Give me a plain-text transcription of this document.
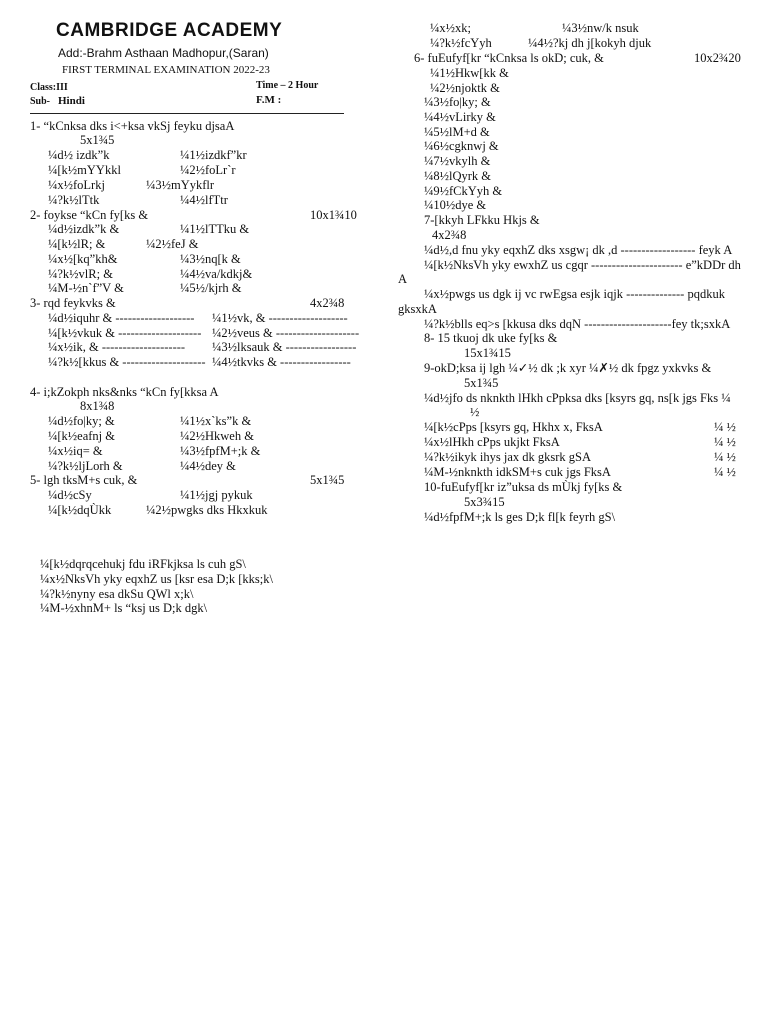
CAMBRIDGE ACADEMY
Add:-Brahm Asthaan Madhopur,(Saran)
FIRST TERMINAL EXAMINATION 2022-23
Class:III
Sub- Hindi
Time – 2 Hour
F.M :
1- “kCnksa dks i<+ksa vkSj feyku djsaA
5x1¾5
¼d½ izdk”k	¼1½izdkf”kr
¼[k½mYYkkl	¼2½foLr`r
¼x½foLrkj	¼3½mYykflr
¼?k½lTtk	¼4½lfTtr
2- foykse “kCn fy[ks &	10x1¾10
¼d½izdk”k &	¼1½lTTku &
¼[k½lR; &	¼2½feJ &
¼x½[kq”kh&	¼3½nq[k &
¼?k½vlR; &	¼4½va/kdkj&
¼M-½n`f”V &	¼5½/kjrh &
3- rqd feykvks &	4x2¾8
¼d½iquhr & ------------------- ¼1½vk, & -------------------
¼[k½vkuk & -------------------- ¼2½veus & --------------------
¼x½ik, & -------------------- ¼3½lksauk & -----------------
¼?k½[kkus & -------------------- ¼4½tkvks & -----------------
4- i;kZokph nks&nks “kCn fy[kksa A
8x1¾8
¼d½fo|ky; &	¼1½x`ks”k &
¼[k½eafnj &	¼2½Hkweh &
¼x½iq= &	¼3½fpfM+;k &
¼?k½ljLorh &	¼4½dey &
5- lgh tksM+s cuk, &	5x1¾5
¼d½cSy	¼1½jgj pykuk
¼[k½dqÙkk	¼2½pwgks dks Hkxkuk
¼[k½dqrqcehukj fdu iRFkjksa ls cuh gS\
¼x½NksVh yky eqxhZ us [ksr esa D;k [kks;k\
¼?k½nyny esa dkSu QWl x;k\
¼M-½xhnM+ ls “ksj us D;k dgk\
¼x½xk;	¼3½nw/k nsuk
¼?k½fcYyh	¼4½?kj dh j[kokyh djuk
6- fuEufyf[kr “kCnksa ls okD; cuk, &	10x2¾20
¼1½Hkw[kk &
¼2½njoktk &
¼3½fo|ky; &
¼4½vLirky &
¼5½lM+d &
¼6½cgknwj &
¼7½vkylh &
¼8½lQyrk &
¼9½fCkYyh &
¼10½dye &
7-[kkyh LFkku Hkjs &
4x2¾8
¼d½,d fnu yky eqxhZ dks xsgw¡ dk ,d ------------------ feyk A
¼[k½NksVh yky ewxhZ us cgqr ---------------------- e”kDDr dh
A
¼x½pwgs us dgk ij vc rwEgsa esjk iqjk -------------- pqdkuk
gksxkA
¼?k½blls eq>s [kkusa dks dqN ---------------------fey tk;sxkA
8- 15 tkuoj dk uke fy[ks &
15x1¾15
9-okD;ksa ij lgh ¼✓½ dk ;k xyr ¼✗½ dk fpgz yxkvks &
5x1¾5
¼d½jfo ds nknkth lHkh cPpksa dks [ksyrs gq, ns[k jgs Fks ¼
½
¼[k½cPps [ksyrs gq, Hkhx x, FksA	¼ ½
¼x½lHkh cPps ukjkt FksA	¼ ½
¼?k½ikyk ihys jax dk gksrk gSA	¼ ½
¼M-½nknkth idkSM+s cuk jgs FksA	¼ ½
10-fuEufyf[kr iz”uksa ds mÙkj fy[ks &
5x3¾15
¼d½fpfM+;k ls ges D;k fl[k feyrh gS\
